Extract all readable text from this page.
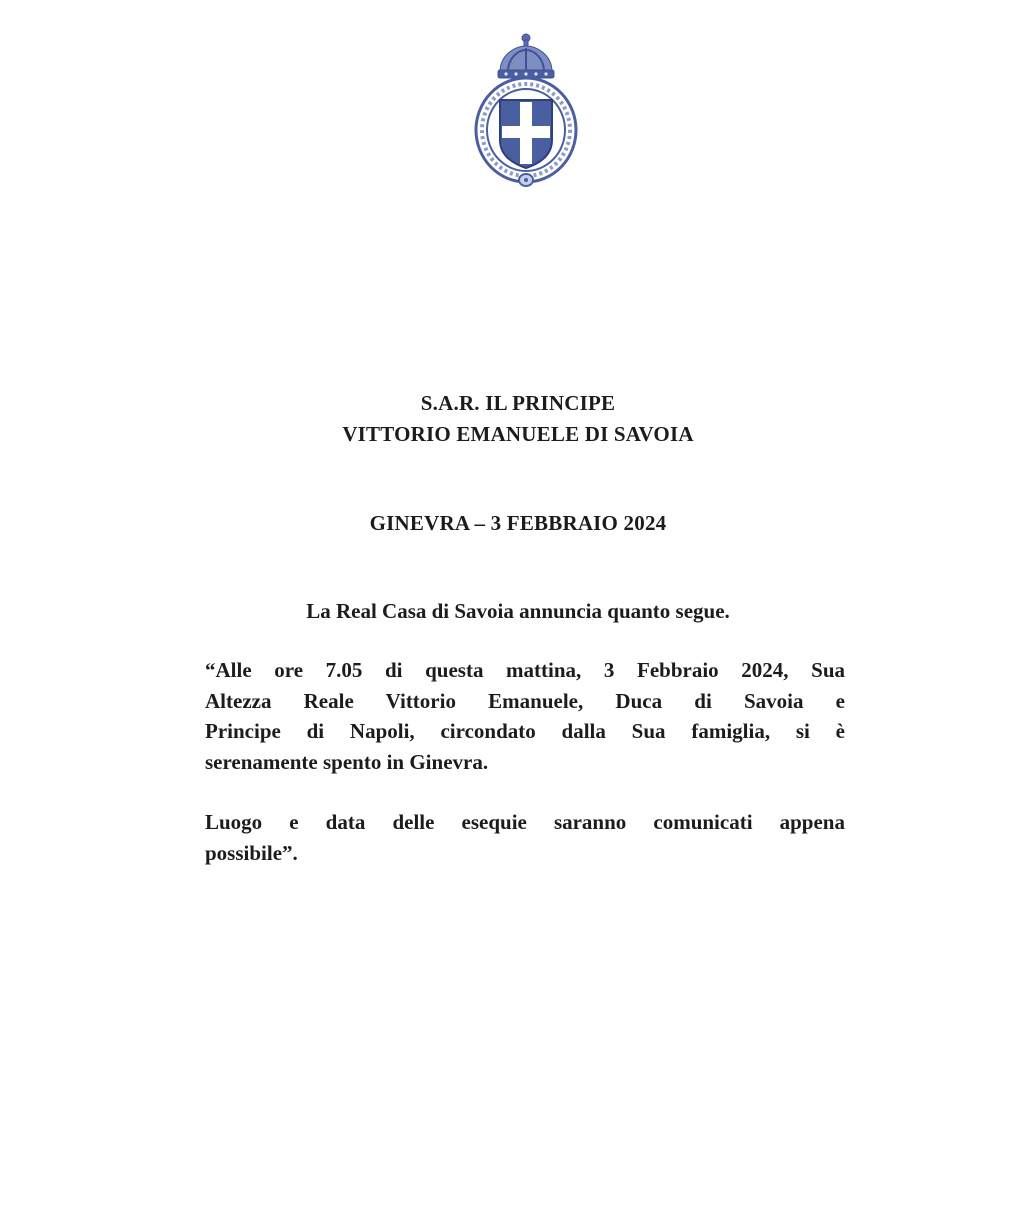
S.A.R. IL PRINCIPE
VITTORIO EMANUELE DI SAVOIA
GINEVRA – 3 FEBBRAIO 2024
La Real Casa di Savoia annuncia quanto segue.
“Alle ore 7.05 di questa mattina, 3 Febbraio 2024, Sua
Altezza Reale Vittorio Emanuele, Duca di Savoia e
Principe di Napoli, circondato dalla Sua famiglia, si è
serenamente spento in Ginevra.
Luogo e data delle esequie saranno comunicati appena
possibile”.
